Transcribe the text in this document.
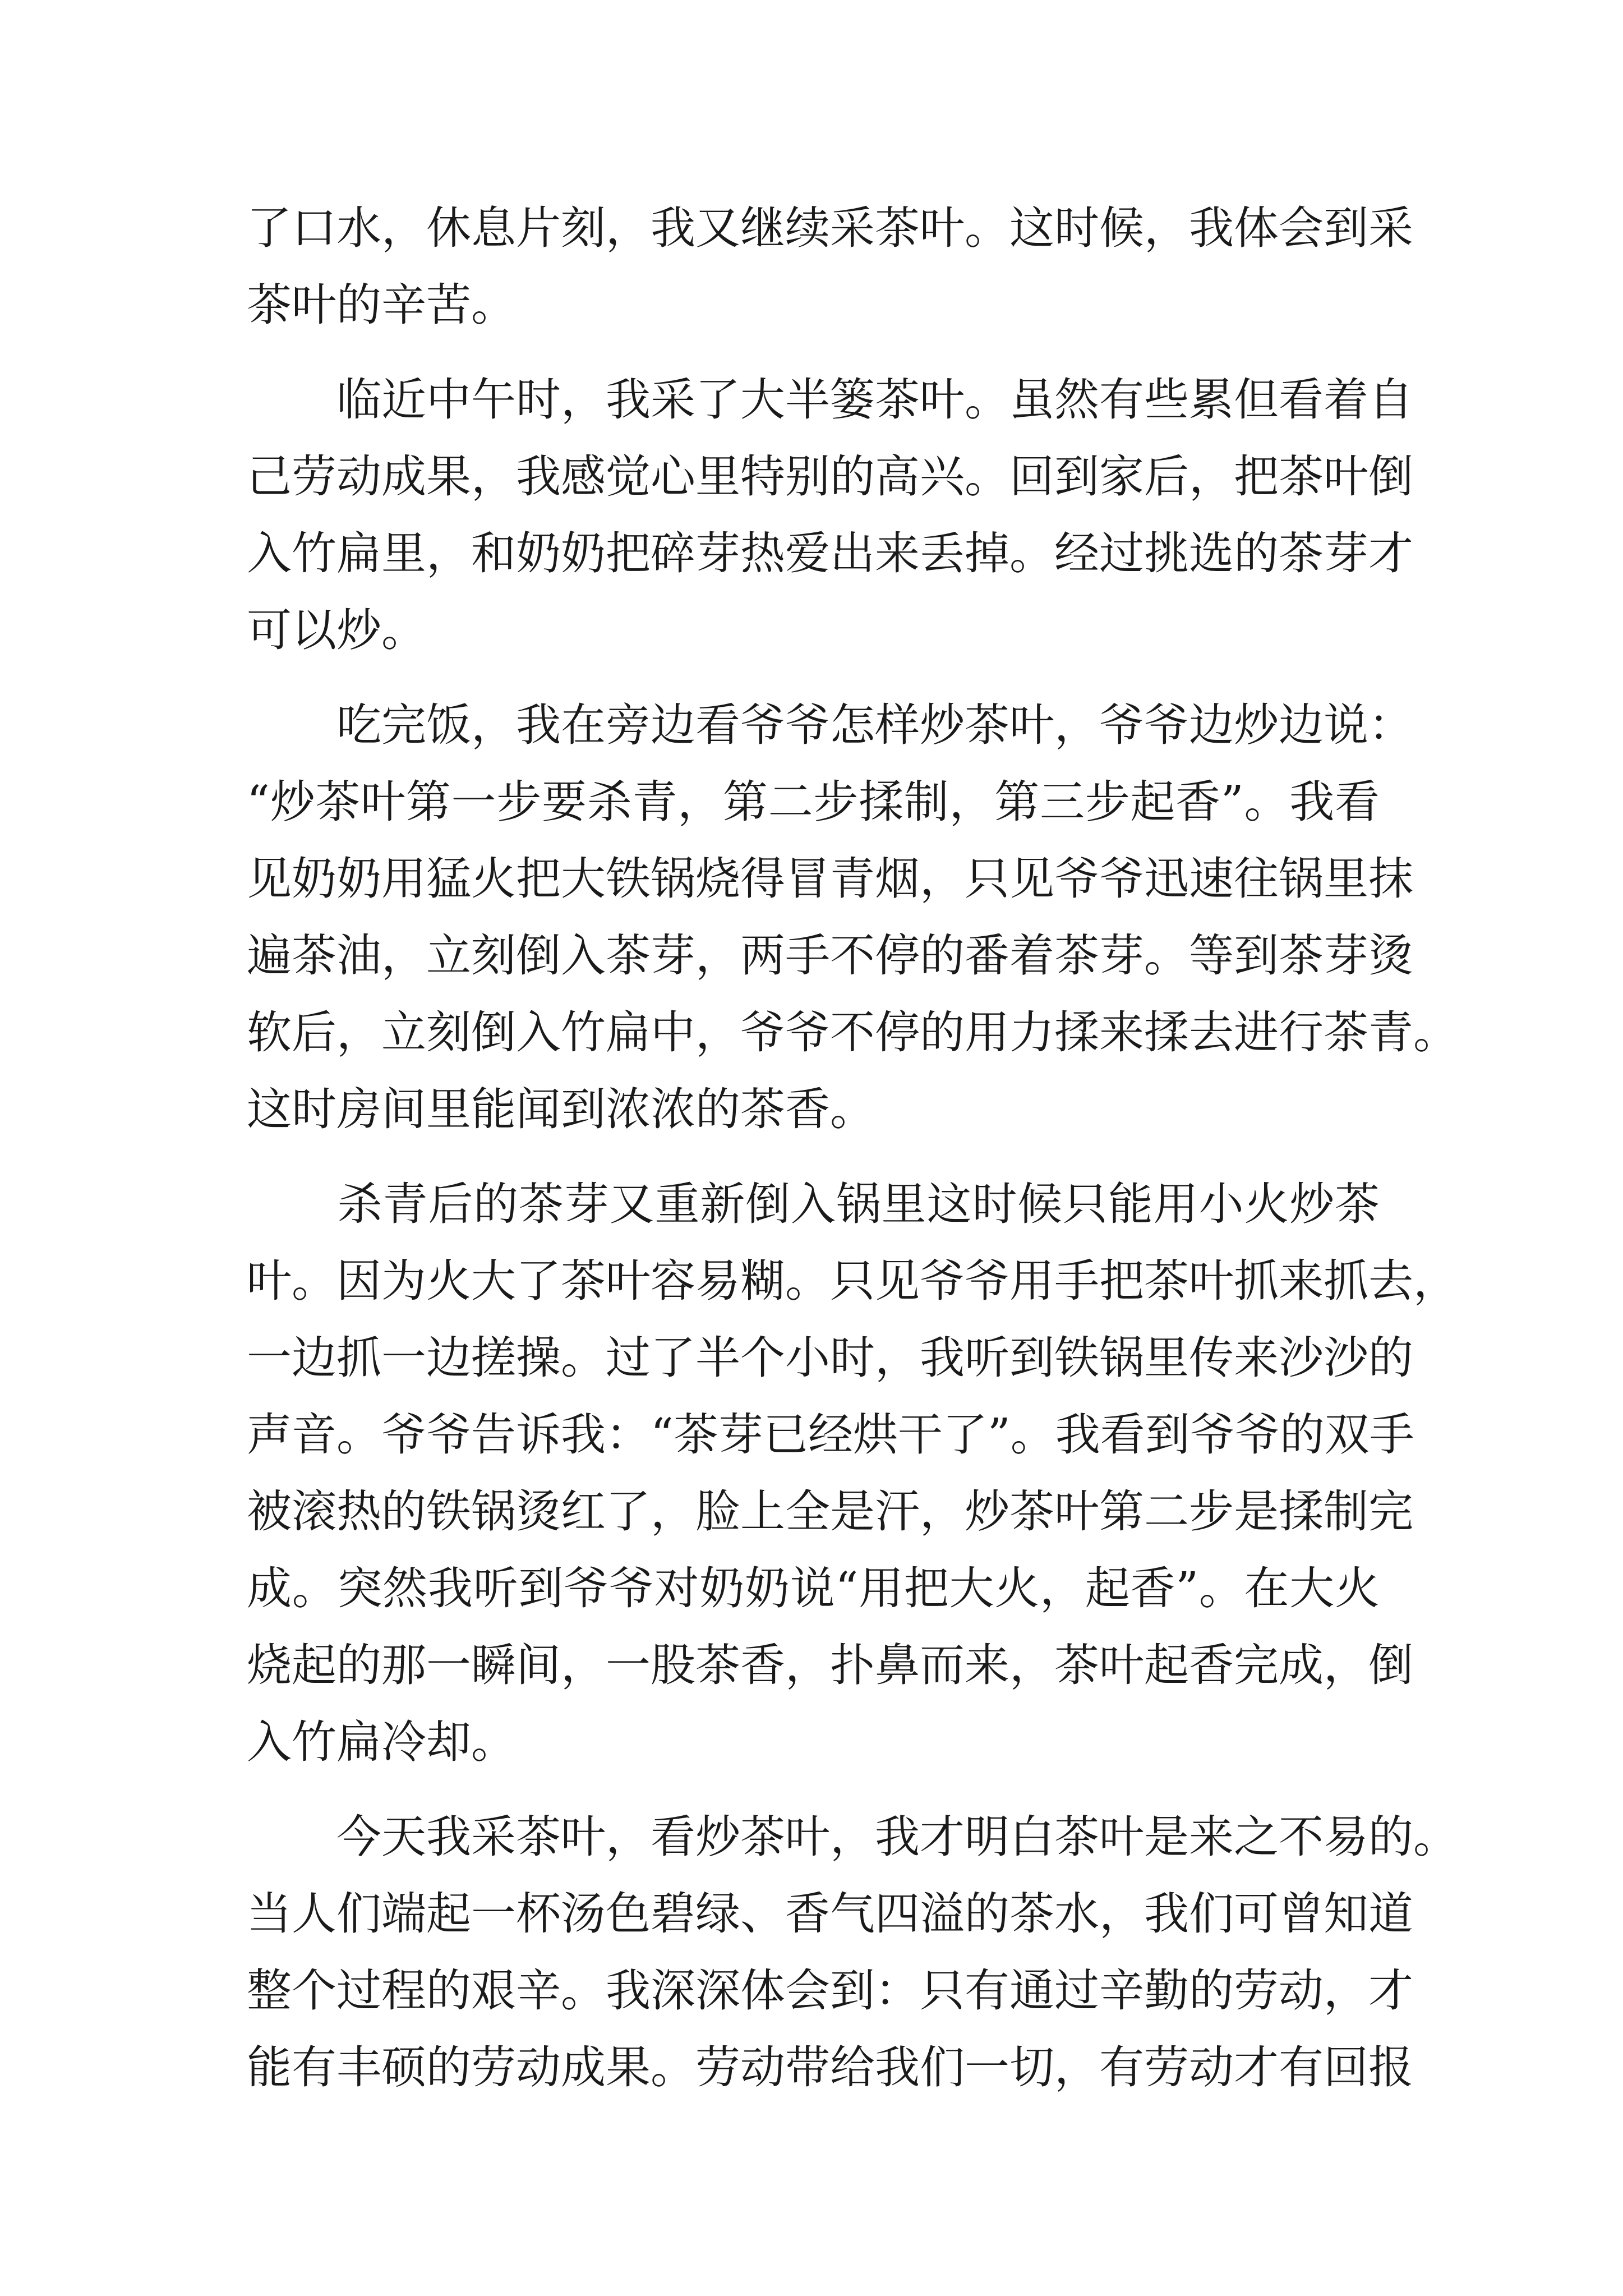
了口水，休息片刻，我又继续采茶叶。这时候，我体会到采
茶叶的辛苦。
　　临近中午时，我采了大半篓茶叶。虽然有些累但看着自
己劳动成果，我感觉心里特别的高兴。回到家后，把茶叶倒
入竹扁里，和奶奶把碎芽热爱出来丢掉。经过挑选的茶芽才
可以炒。
　　吃完饭，我在旁边看爷爷怎样炒茶叶，爷爷边炒边说：
“炒茶叶第一步要杀青，第二步揉制，第三步起香”。我看
见奶奶用猛火把大铁锅烧得冒青烟，只见爷爷迅速往锅里抹
遍茶油，立刻倒入茶芽，两手不停的番着茶芽。等到茶芽烫
软后，立刻倒入竹扁中，爷爷不停的用力揉来揉去进行茶青。
这时房间里能闻到浓浓的茶香。
　　杀青后的茶芽又重新倒入锅里这时候只能用小火炒茶
叶。因为火大了茶叶容易糊。只见爷爷用手把茶叶抓来抓去，
一边抓一边搓操。过了半个小时，我听到铁锅里传来沙沙的
声音。爷爷告诉我：“茶芽已经烘干了”。我看到爷爷的双手
被滚热的铁锅烫红了，脸上全是汗，炒茶叶第二步是揉制完
成。突然我听到爷爷对奶奶说“用把大火，起香”。在大火
烧起的那一瞬间，一股茶香，扑鼻而来，茶叶起香完成，倒
入竹扁冷却。
　　今天我采茶叶，看炒茶叶，我才明白茶叶是来之不易的。
当人们端起一杯汤色碧绿、香气四溢的茶水，我们可曾知道
整个过程的艰辛。我深深体会到：只有通过辛勤的劳动，才
能有丰硕的劳动成果。劳动带给我们一切，有劳动才有回报
